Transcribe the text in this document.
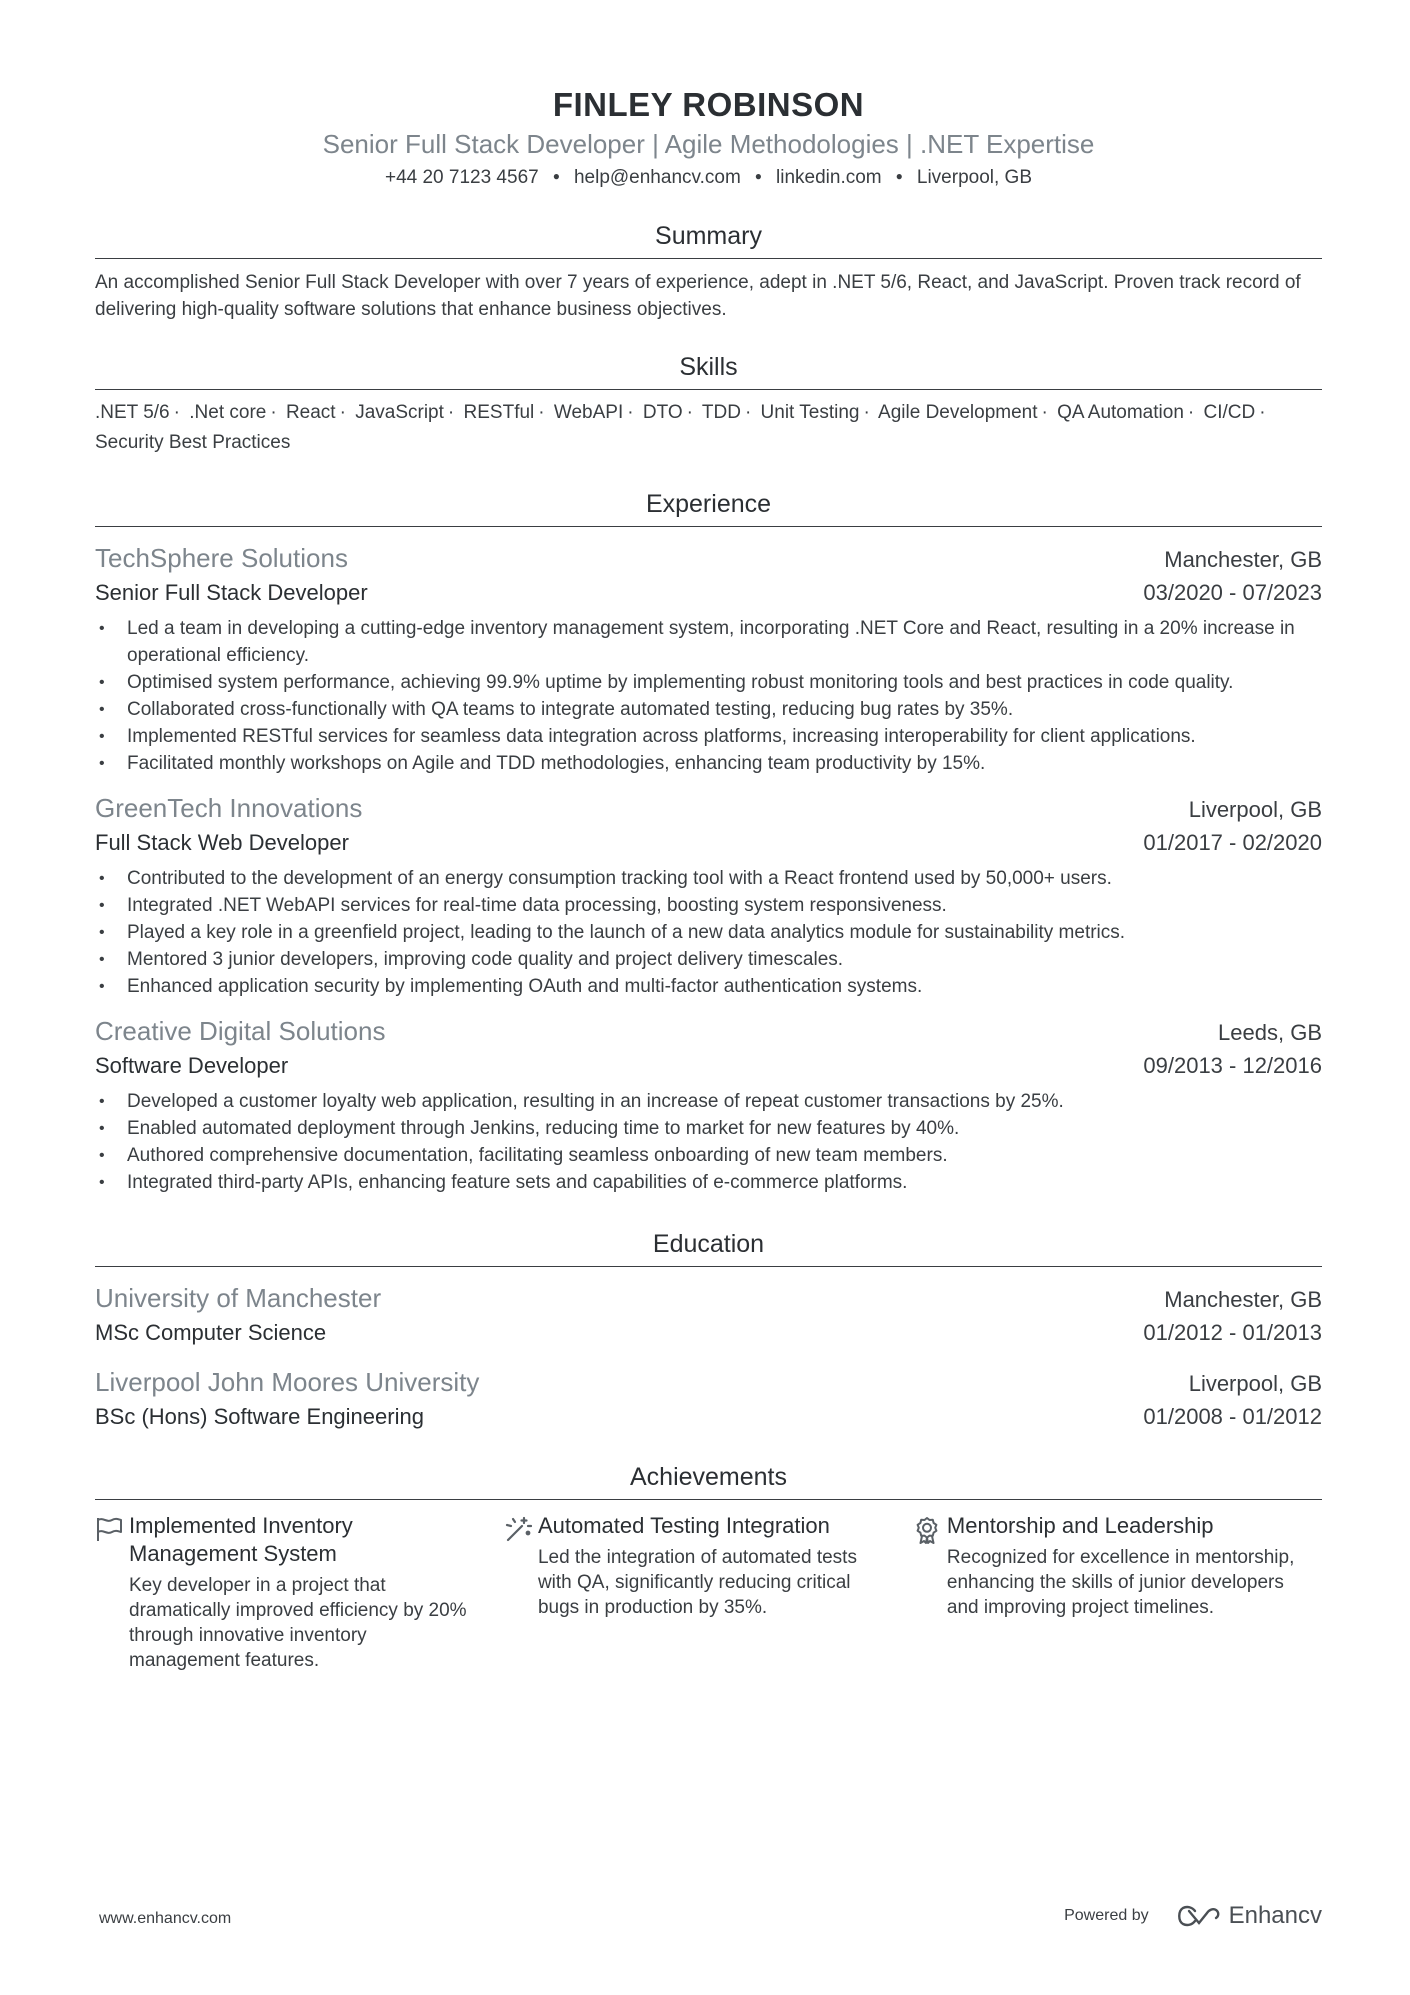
FINLEY ROBINSON
Senior Full Stack Developer | Agile Methodologies | .NET Expertise
+44 20 7123 4567 ● help@enhancv.com ● linkedin.com ● Liverpool, GB
Summary
An accomplished Senior Full Stack Developer with over 7 years of experience, adept in .NET 5/6, React, and JavaScript. Proven track record of delivering high-quality software solutions that enhance business objectives.
Skills
.NET 5/6 · .Net core · React · JavaScript · RESTful · WebAPI · DTO · TDD · Unit Testing · Agile Development · QA Automation · CI/CD · Security Best Practices
Experience
TechSphere Solutions	Manchester, GB
Senior Full Stack Developer	03/2020 - 07/2023
• Led a team in developing a cutting-edge inventory management system, incorporating .NET Core and React, resulting in a 20% increase in operational efficiency.
• Optimised system performance, achieving 99.9% uptime by implementing robust monitoring tools and best practices in code quality.
• Collaborated cross-functionally with QA teams to integrate automated testing, reducing bug rates by 35%.
• Implemented RESTful services for seamless data integration across platforms, increasing interoperability for client applications.
• Facilitated monthly workshops on Agile and TDD methodologies, enhancing team productivity by 15%.
GreenTech Innovations	Liverpool, GB
Full Stack Web Developer	01/2017 - 02/2020
• Contributed to the development of an energy consumption tracking tool with a React frontend used by 50,000+ users.
• Integrated .NET WebAPI services for real-time data processing, boosting system responsiveness.
• Played a key role in a greenfield project, leading to the launch of a new data analytics module for sustainability metrics.
• Mentored 3 junior developers, improving code quality and project delivery timescales.
• Enhanced application security by implementing OAuth and multi-factor authentication systems.
Creative Digital Solutions	Leeds, GB
Software Developer	09/2013 - 12/2016
• Developed a customer loyalty web application, resulting in an increase of repeat customer transactions by 25%.
• Enabled automated deployment through Jenkins, reducing time to market for new features by 40%.
• Authored comprehensive documentation, facilitating seamless onboarding of new team members.
• Integrated third-party APIs, enhancing feature sets and capabilities of e-commerce platforms.
Education
University of Manchester	Manchester, GB
MSc Computer Science	01/2012 - 01/2013
Liverpool John Moores University	Liverpool, GB
BSc (Hons) Software Engineering	01/2008 - 01/2012
Achievements
Implemented Inventory Management System
Key developer in a project that dramatically improved efficiency by 20% through innovative inventory management features.
Automated Testing Integration
Led the integration of automated tests with QA, significantly reducing critical bugs in production by 35%.
Mentorship and Leadership
Recognized for excellence in mentorship, enhancing the skills of junior developers and improving project timelines.
www.enhancv.com	Powered by	Enhancv
